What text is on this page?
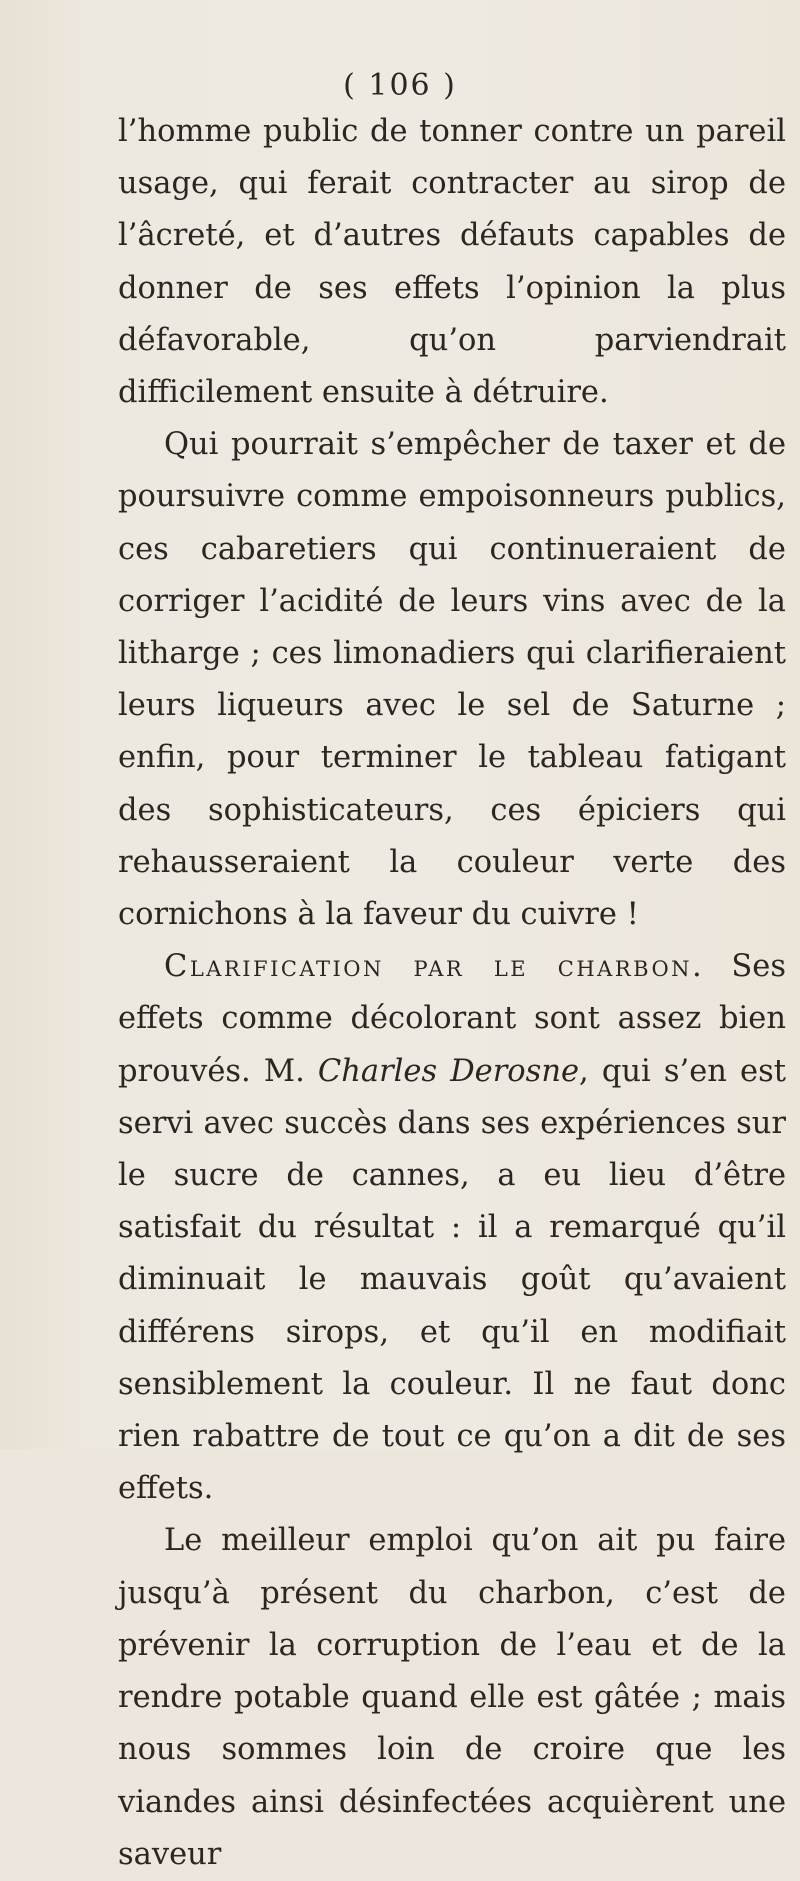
( 106 )

l’homme public de tonner contre un pareil usage, qui ferait contracter au sirop de l’âcreté, et d’autres défauts capables de donner de ses effets l’opinion la plus défavorable, qu’on parviendrait difficilement ensuite à détruire.

Qui pourrait s’empêcher de taxer et de poursuivre comme empoisonneurs publics, ces cabaretiers qui continueraient de corriger l’acidité de leurs vins avec de la litharge ; ces limonadiers qui clarifieraient leurs liqueurs avec le sel de Saturne ; enfin, pour terminer le tableau fatigant des sophisticateurs, ces épiciers qui rehausseraient la couleur verte des cornichons à la faveur du cuivre !

Clarification par le charbon. Ses effets comme décolorant sont assez bien prouvés. M. Charles Derosne, qui s’en est servi avec succès dans ses expériences sur le sucre de cannes, a eu lieu d’être satisfait du résultat : il a remarqué qu’il diminuait le mauvais goût qu’avaient différens sirops, et qu’il en modifiait sensiblement la couleur. Il ne faut donc rien rabattre de tout ce qu’on a dit de ses effets.

Le meilleur emploi qu’on ait pu faire jusqu’à présent du charbon, c’est de prévenir la corruption de l’eau et de la rendre potable quand elle est gâtée ; mais nous sommes loin de croire que les viandes ainsi désinfectées acquièrent une saveur
